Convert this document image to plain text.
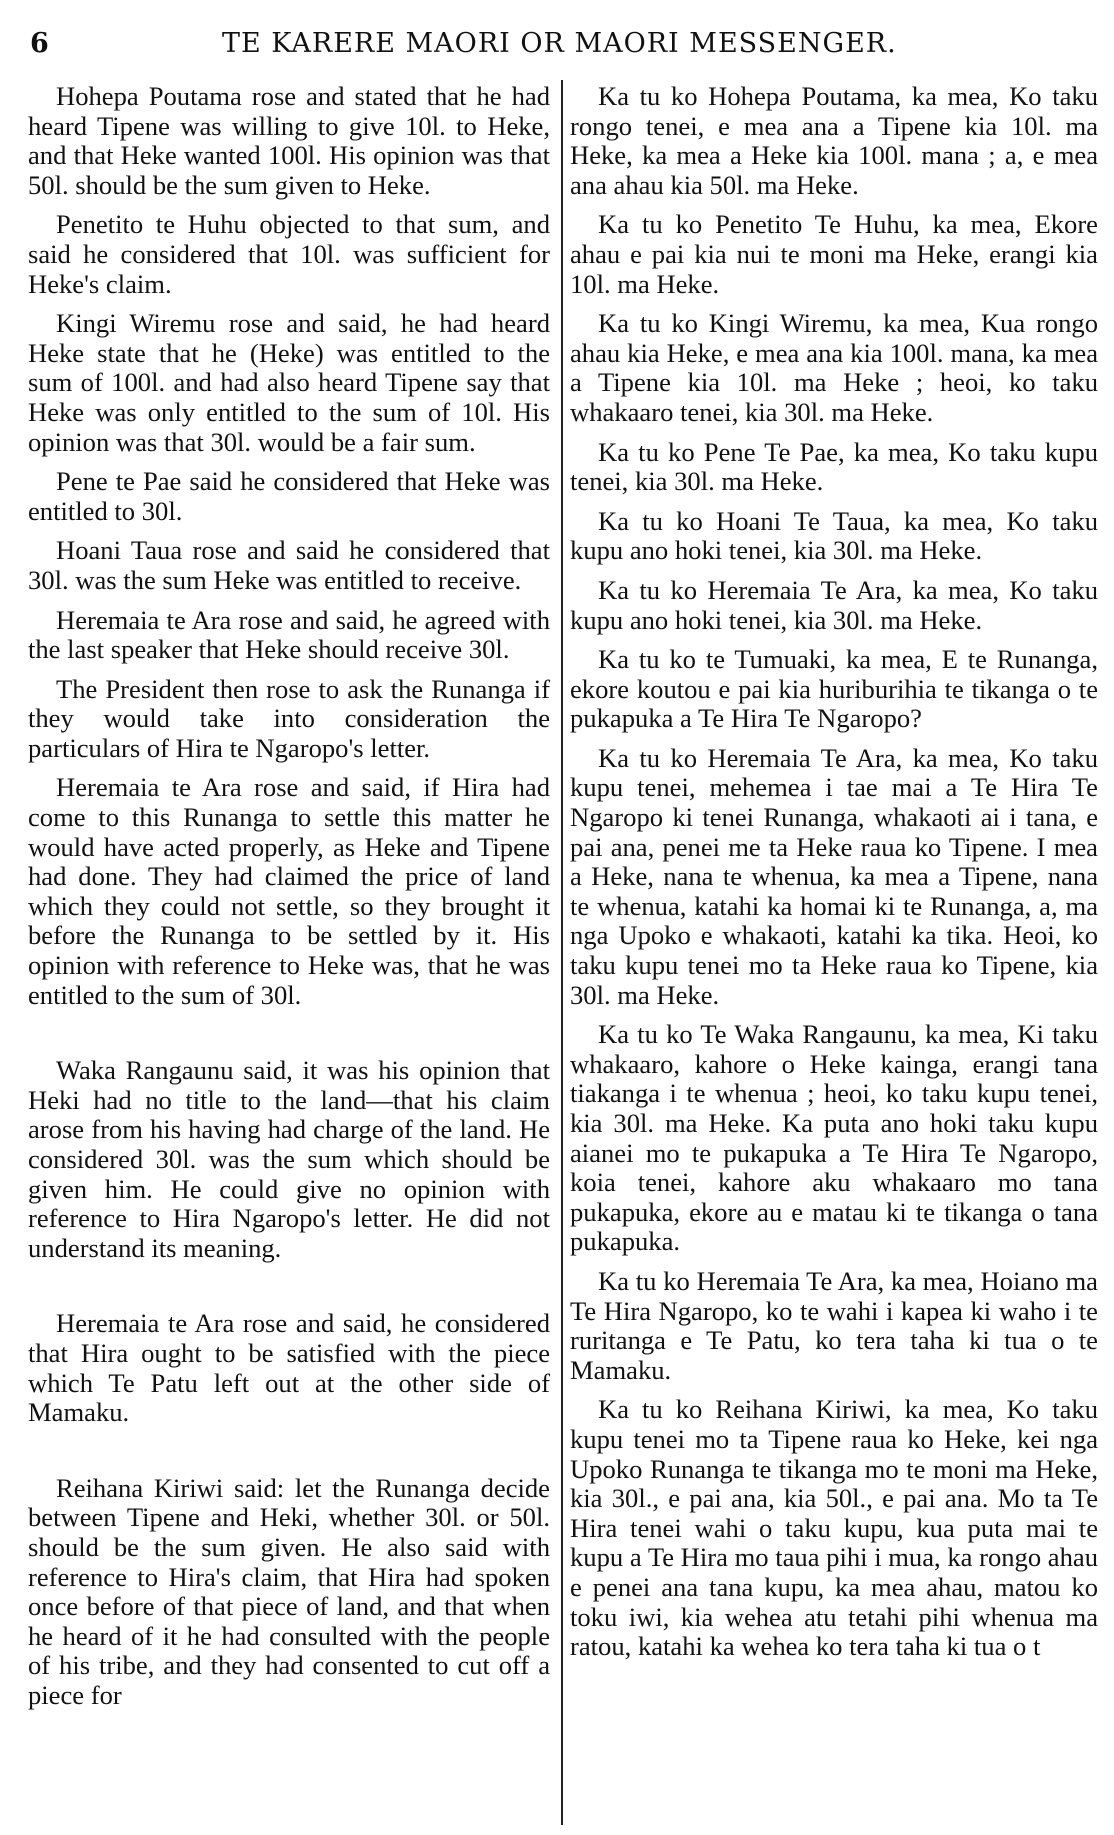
6	TE KARERE MAORI OR MAORI MESSENGER.

Hohepa Poutama rose and stated that he had heard Tipene was willing to give 10l. to Heke, and that Heke wanted 100l. His opinion was that 50l. should be the sum given to Heke.

Penetito te Huhu objected to that sum, and said he considered that 10l. was sufficient for Heke's claim.

Kingi Wiremu rose and said, he had heard Heke state that he (Heke) was entitled to the sum of 100l. and had also heard Tipene say that Heke was only entitled to the sum of 10l. His opinion was that 30l. would be a fair sum.

Pene te Pae said he considered that Heke was entitled to 30l.

Hoani Taua rose and said he considered that 30l. was the sum Heke was entitled to receive.

Heremaia te Ara rose and said, he agreed with the last speaker that Heke should receive 30l.

The President then rose to ask the Runanga if they would take into consideration the particulars of Hira te Ngaropo's letter.

Heremaia te Ara rose and said, if Hira had come to this Runanga to settle this matter he would have acted properly, as Heke and Tipene had done. They had claimed the price of land which they could not settle, so they brought it before the Runanga to be settled by it. His opinion with reference to Heke was, that he was entitled to the sum of 30l.

Waka Rangaunu said, it was his opinion that Heki had no title to the land—that his claim arose from his having had charge of the land. He considered 30l. was the sum which should be given him. He could give no opinion with reference to Hira Ngaropo's letter. He did not understand its meaning.

Heremaia te Ara rose and said, he considered that Hira ought to be satisfied with the piece which Te Patu left out at the other side of Mamaku.

Reihana Kiriwi said: let the Runanga decide between Tipene and Heki, whether 30l. or 50l. should be the sum given. He also said with reference to Hira's claim, that Hira had spoken once before of that piece of land, and that when he heard of it he had consulted with the people of his tribe, and they had consented to cut off a piece for

Ka tu ko Hohepa Poutama, ka mea, Ko taku rongo tenei, e mea ana a Tipene kia 10l. ma Heke, ka mea a Heke kia 100l. mana ; a, e mea ana ahau kia 50l. ma Heke.

Ka tu ko Penetito Te Huhu, ka mea, Ekore ahau e pai kia nui te moni ma Heke, erangi kia 10l. ma Heke.

Ka tu ko Kingi Wiremu, ka mea, Kua rongo ahau kia Heke, e mea ana kia 100l. mana, ka mea a Tipene kia 10l. ma Heke ; heoi, ko taku whakaaro tenei, kia 30l. ma Heke.

Ka tu ko Pene Te Pae, ka mea, Ko taku kupu tenei, kia 30l. ma Heke.

Ka tu ko Hoani Te Taua, ka mea, Ko taku kupu ano hoki tenei, kia 30l. ma Heke.

Ka tu ko Heremaia Te Ara, ka mea, Ko taku kupu ano hoki tenei, kia 30l. ma Heke.

Ka tu ko te Tumuaki, ka mea, E te Runanga, ekore koutou e pai kia huriburihia te tikanga o te pukapuka a Te Hira Te Ngaropo?

Ka tu ko Heremaia Te Ara, ka mea, Ko taku kupu tenei, mehemea i tae mai a Te Hira Te Ngaropo ki tenei Runanga, whakaoti ai i tana, e pai ana, penei me ta Heke raua ko Tipene. I mea a Heke, nana te whenua, ka mea a Tipene, nana te whenua, katahi ka homai ki te Runanga, a, ma nga Upoko e whakaoti, katahi ka tika. Heoi, ko taku kupu tenei mo ta Heke raua ko Tipene, kia 30l. ma Heke.

Ka tu ko Te Waka Rangaunu, ka mea, Ki taku whakaaro, kahore o Heke kainga, erangi tana tiakanga i te whenua ; heoi, ko taku kupu tenei, kia 30l. ma Heke. Ka puta ano hoki taku kupu aianei mo te pukapuka a Te Hira Te Ngaropo, koia tenei, kahore aku whakaaro mo tana pukapuka, ekore au e matau ki te tikanga o tana pukapuka.

Ka tu ko Heremaia Te Ara, ka mea, Hoiano ma Te Hira Ngaropo, ko te wahi i kapea ki waho i te ruritanga e Te Patu, ko tera taha ki tua o te Mamaku.

Ka tu ko Reihana Kiriwi, ka mea, Ko taku kupu tenei mo ta Tipene raua ko Heke, kei nga Upoko Runanga te tikanga mo te moni ma Heke, kia 30l., e pai ana, kia 50l., e pai ana. Mo ta Te Hira tenei wahi o taku kupu, kua puta mai te kupu a Te Hira mo taua pihi i mua, ka rongo ahau e penei ana tana kupu, ka mea ahau, matou ko toku iwi, kia wehea atu tetahi pihi whenua ma ratou, katahi ka wehea ko tera taha ki tua o t
